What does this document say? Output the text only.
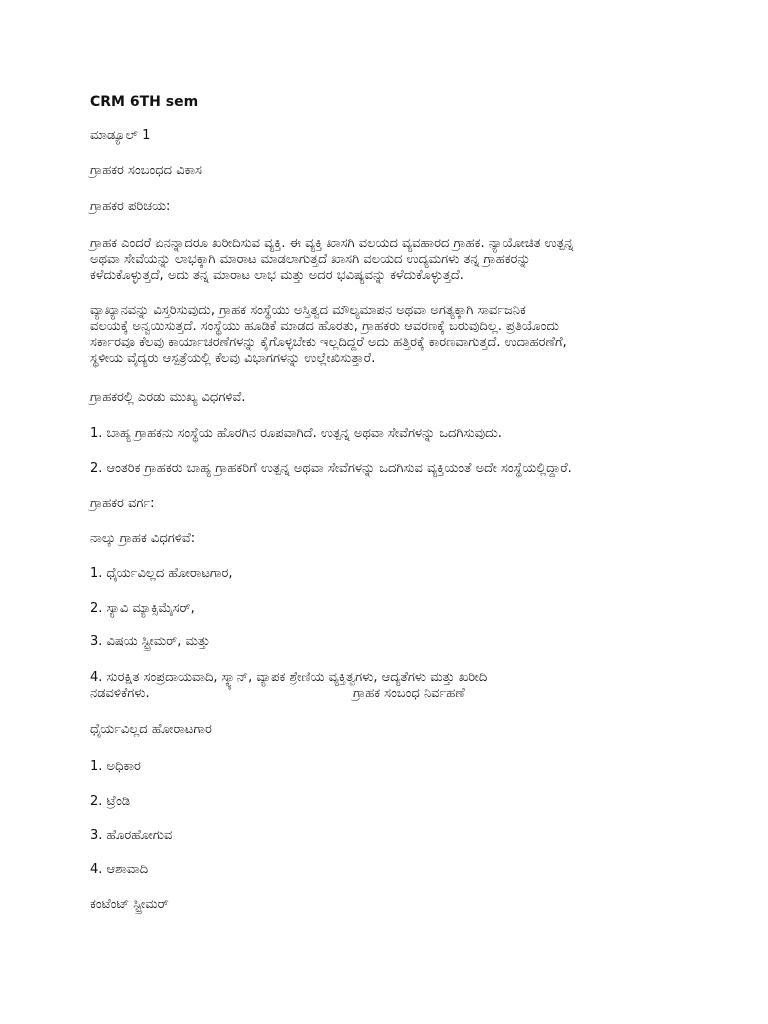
CRM 6TH sem
ಮಾಡ್ಯೂಲ್ 1
ಗ್ರಾಹಕರ ಸಂಬಂಧದ ವಿಕಾಸ
ಗ್ರಾಹಕರ ಪರಿಚಯ:
ಗ್ರಾಹಕ ಎಂದರೆ ಏನನ್ನಾದರೂ ಖರೀದಿಸುವ ವ್ಯಕ್ತಿ. ಈ ವ್ಯಕ್ತಿ ಖಾಸಗಿ ವಲಯದ ವ್ಯವಹಾರದ ಗ್ರಾಹಕ. ನ್ಯಾಯೋಚಿತ ಉತ್ಪನ್ನ
ಅಥವಾ ಸೇವೆಯನ್ನು ಲಾಭಕ್ಕಾಗಿ ಮಾರಾಟ ಮಾಡಲಾಗುತ್ತದೆ ಖಾಸಗಿ ವಲಯದ ಉದ್ಯಮಗಳು ತನ್ನ ಗ್ರಾಹಕರನ್ನು
ಕಳೆದುಕೊಳ್ಳುತ್ತದೆ, ಅದು ತನ್ನ ಮಾರಾಟ ಲಾಭ ಮತ್ತು ಅದರ ಭವಿಷ್ಯವನ್ನು ಕಳೆದುಕೊಳ್ಳುತ್ತದೆ.
ವ್ಯಾಖ್ಯಾನವನ್ನು ವಿಸ್ತರಿಸುವುದು, ಗ್ರಾಹಕ ಸಂಸ್ಥೆಯು ಅಸ್ತಿತ್ವದ ಮೌಲ್ಯಮಾಪನ ಅಥವಾ ಅಗತ್ಯಕ್ಕಾಗಿ ಸಾರ್ವಜನಿಕ
ವಲಯಕ್ಕೆ ಅನ್ವಯಿಸುತ್ತದೆ. ಸಂಸ್ಥೆಯು ಹೂಡಿಕೆ ಮಾಡದ ಹೊರತು, ಗ್ರಾಹಕರು ಆವರಣಕ್ಕೆ ಬರುವುದಿಲ್ಲ. ಪ್ರತಿಯೊಂದು
ಸರ್ಕಾರವೂ ಕೆಲವು ಕಾರ್ಯಾಚರಣೆಗಳನ್ನು ಕೈಗೊಳ್ಳಬೇಕು ಇಲ್ಲದಿದ್ದರೆ ಅದು ಹತ್ತಿರಕ್ಕೆ ಕಾರಣವಾಗುತ್ತದೆ. ಉದಾಹರಣೆಗೆ,
ಸ್ಥಳೀಯ ವೈದ್ಯರು ಆಸ್ಪತ್ರೆಯಲ್ಲಿ ಕೆಲವು ವಿಭಾಗಗಳನ್ನು ಉಲ್ಲೇಖಿಸುತ್ತಾರೆ.
ಗ್ರಾಹಕರಲ್ಲಿ ಎರಡು ಮುಖ್ಯ ವಿಧಗಳಿವೆ.
1. ಬಾಹ್ಯ ಗ್ರಾಹಕನು ಸಂಸ್ಥೆಯ ಹೊರಗಿನ ರೂಪವಾಗಿದೆ. ಉತ್ಪನ್ನ ಅಥವಾ ಸೇವೆಗಳನ್ನು ಒದಗಿಸುವುದು.
2. ಆಂತರಿಕ ಗ್ರಾಹಕರು ಬಾಹ್ಯ ಗ್ರಾಹಕರಿಗೆ ಉತ್ಪನ್ನ ಅಥವಾ ಸೇವೆಗಳನ್ನು ಒದಗಿಸುವ ವ್ಯಕ್ತಿಯಂತೆ ಅದೇ ಸಂಸ್ಥೆಯಲ್ಲಿದ್ದಾರೆ.
ಗ್ರಾಹಕರ ವರ್ಗ:
ನಾಲ್ಕು ಗ್ರಾಹಕ ವಿಧಗಳಿವೆ:
1. ಧೈರ್ಯವಿಲ್ಲದ ಹೋರಾಟಗಾರ,
2. ಸ್ಯಾವಿ ಮ್ಯಾಕ್ಸಿಮೈಸರ್,
3. ವಿಷಯ ಸ್ಟ್ರೀಮರ್, ಮತ್ತು
4. ಸುರಕ್ಷಿತ ಸಂಪ್ರದಾಯವಾದಿ, ಸ್ಕ್ಯಾನ್, ವ್ಯಾಪಕ ಶ್ರೇಣಿಯ ವ್ಯಕ್ತಿತ್ವಗಳು, ಆದ್ಯತೆಗಳು ಮತ್ತು ಖರೀದಿ
ನಡವಳಿಕೆಗಳು.	ಗ್ರಾಹಕ ಸಂಬಂಧ ನಿರ್ವಹಣೆ
ಧೈರ್ಯವಿಲ್ಲದ ಹೋರಾಟಗಾರ
1. ಅಧಿಕಾರ
2. ಟ್ರೆಂಡಿ
3. ಹೊರಹೋಗುವ
4. ಆಶಾವಾದಿ
ಕಂಟೆಂಟ್ ಸ್ಟ್ರೀಮರ್
